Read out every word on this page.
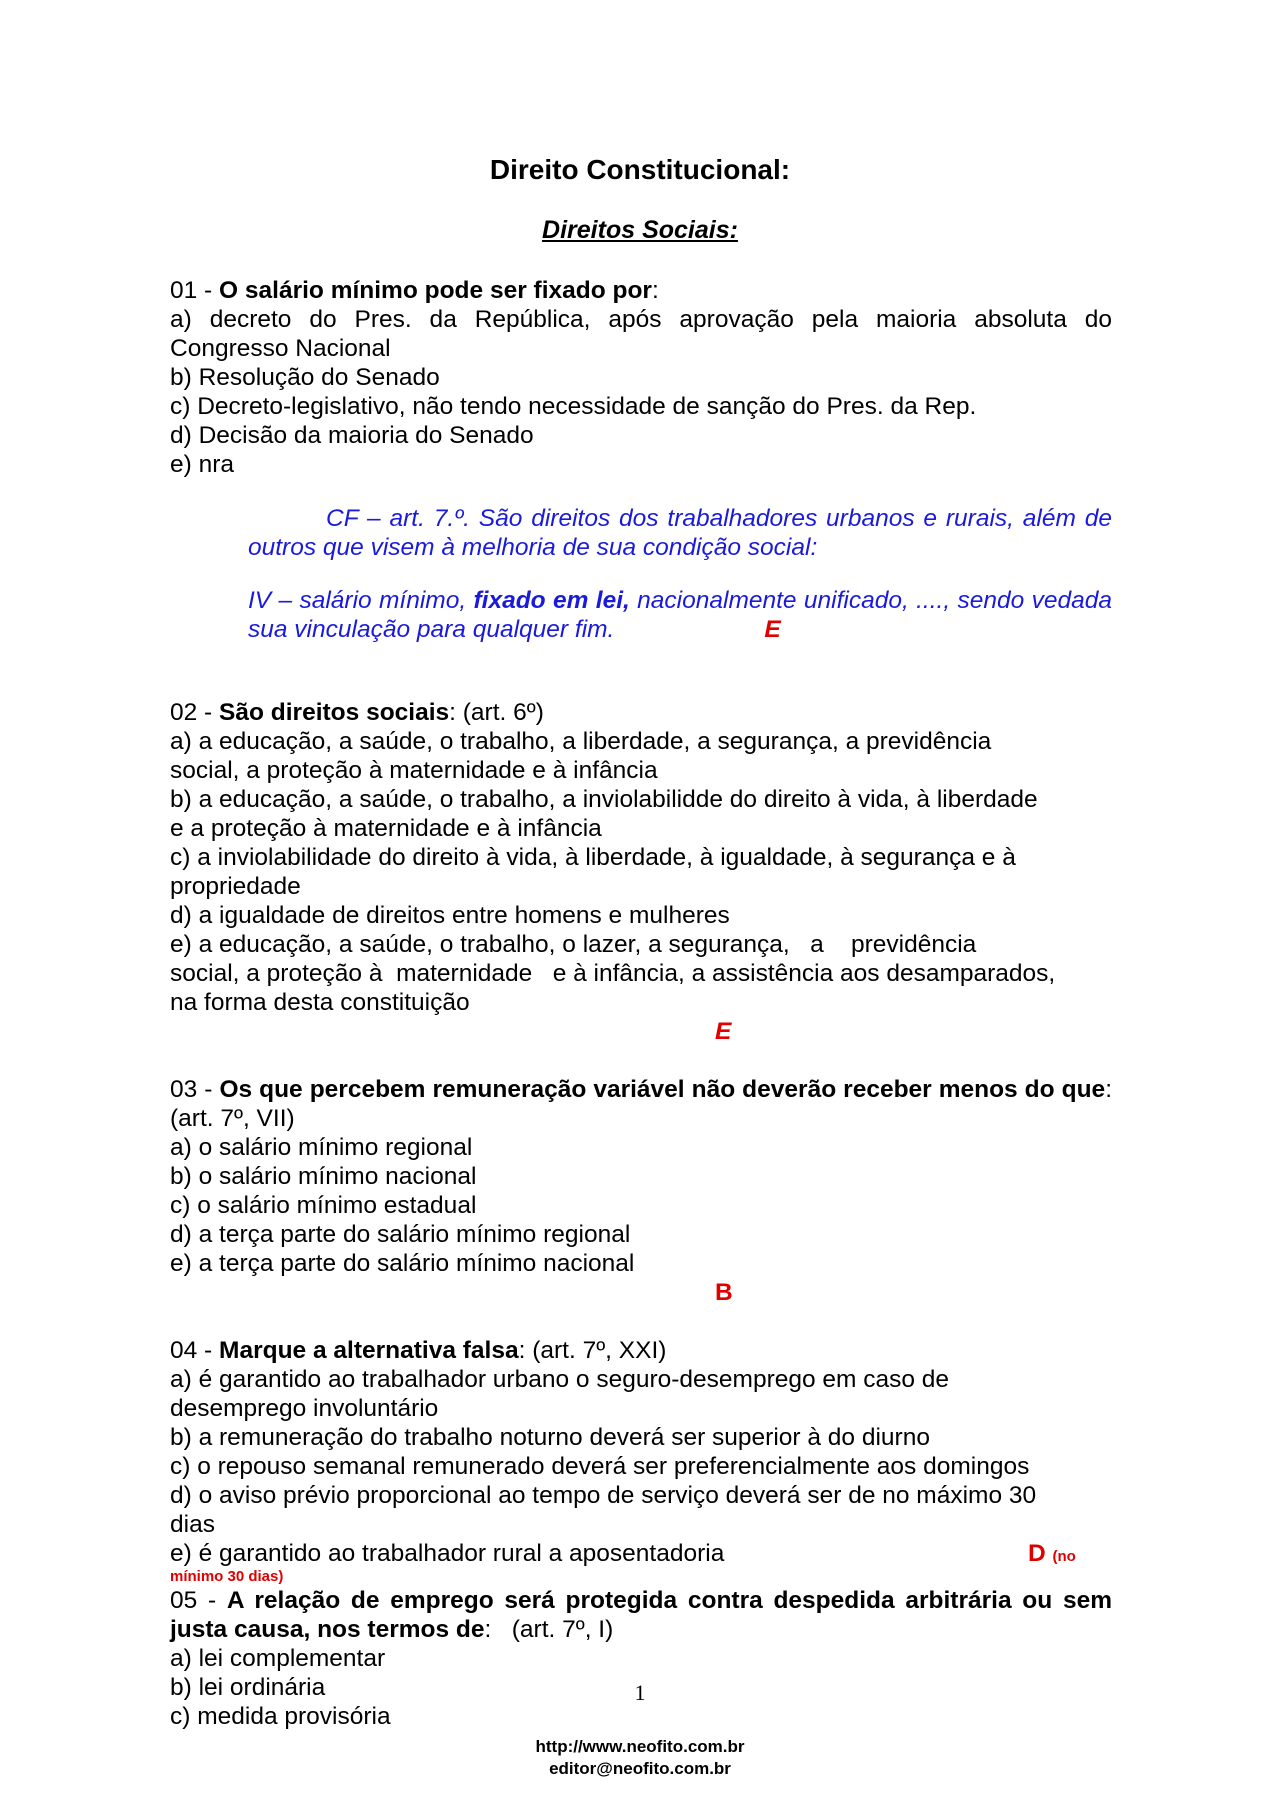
Direito Constitucional:
Direitos Sociais:

01 - O salário mínimo pode ser fixado por:

a) decreto do Pres. da República, após aprovação pela maioria absoluta do Congresso Nacional

b) Resolução do Senado

c) Decreto-legislativo, não tendo necessidade de sanção do Pres. da Rep.

d) Decisão da maioria do Senado

e) nra

CF – art. 7.º. São direitos dos trabalhadores urbanos e rurais, além de outros que visem à melhoria de sua condição social:

IV – salário mínimo, fixado em lei, nacionalmente unificado, ...., sendo vedada sua vinculação para qualquer fim.	E

02 - São direitos sociais: (art. 6º)

a) a educação, a saúde, o trabalho, a liberdade, a segurança, a previdência

social, a proteção à maternidade e à infância

b) a educação, a saúde, o trabalho, a inviolabilidde do direito à vida, à liberdade

e a proteção à maternidade e à infância

c) a inviolabilidade do direito à vida, à liberdade, à igualdade, à segurança e à

propriedade

d) a igualdade de direitos entre homens e mulheres

e) a educação, a saúde, o trabalho, o lazer, a segurança,   a    previdência

social, a proteção à  maternidade   e à infância, a assistência aos desamparados,

na forma desta constituição

E

03 - Os que percebem remuneração variável não deverão receber menos do que: (art. 7º, VII)

a) o salário mínimo regional

b) o salário mínimo nacional

c) o salário mínimo estadual

d) a terça parte do salário mínimo regional

e) a terça parte do salário mínimo nacional

B

04 - Marque a alternativa falsa: (art. 7º, XXI)

a) é garantido ao trabalhador urbano o seguro-desemprego em caso de

desemprego involuntário

b) a remuneração do trabalho noturno deverá ser superior à do diurno

c) o repouso semanal remunerado deverá ser preferencialmente aos domingos

d) o aviso prévio proporcional ao tempo de serviço deverá ser de no máximo 30

dias

e) é garantido ao trabalhador rural a aposentadoria	D (no

mínimo 30 dias)

05 - A relação de emprego será protegida contra despedida arbitrária ou sem justa causa, nos termos de:   (art. 7º, I)

a) lei complementar

b) lei ordinária

c) medida provisória

1
http://www.neofito.com.br
editor@neofito.com.br
